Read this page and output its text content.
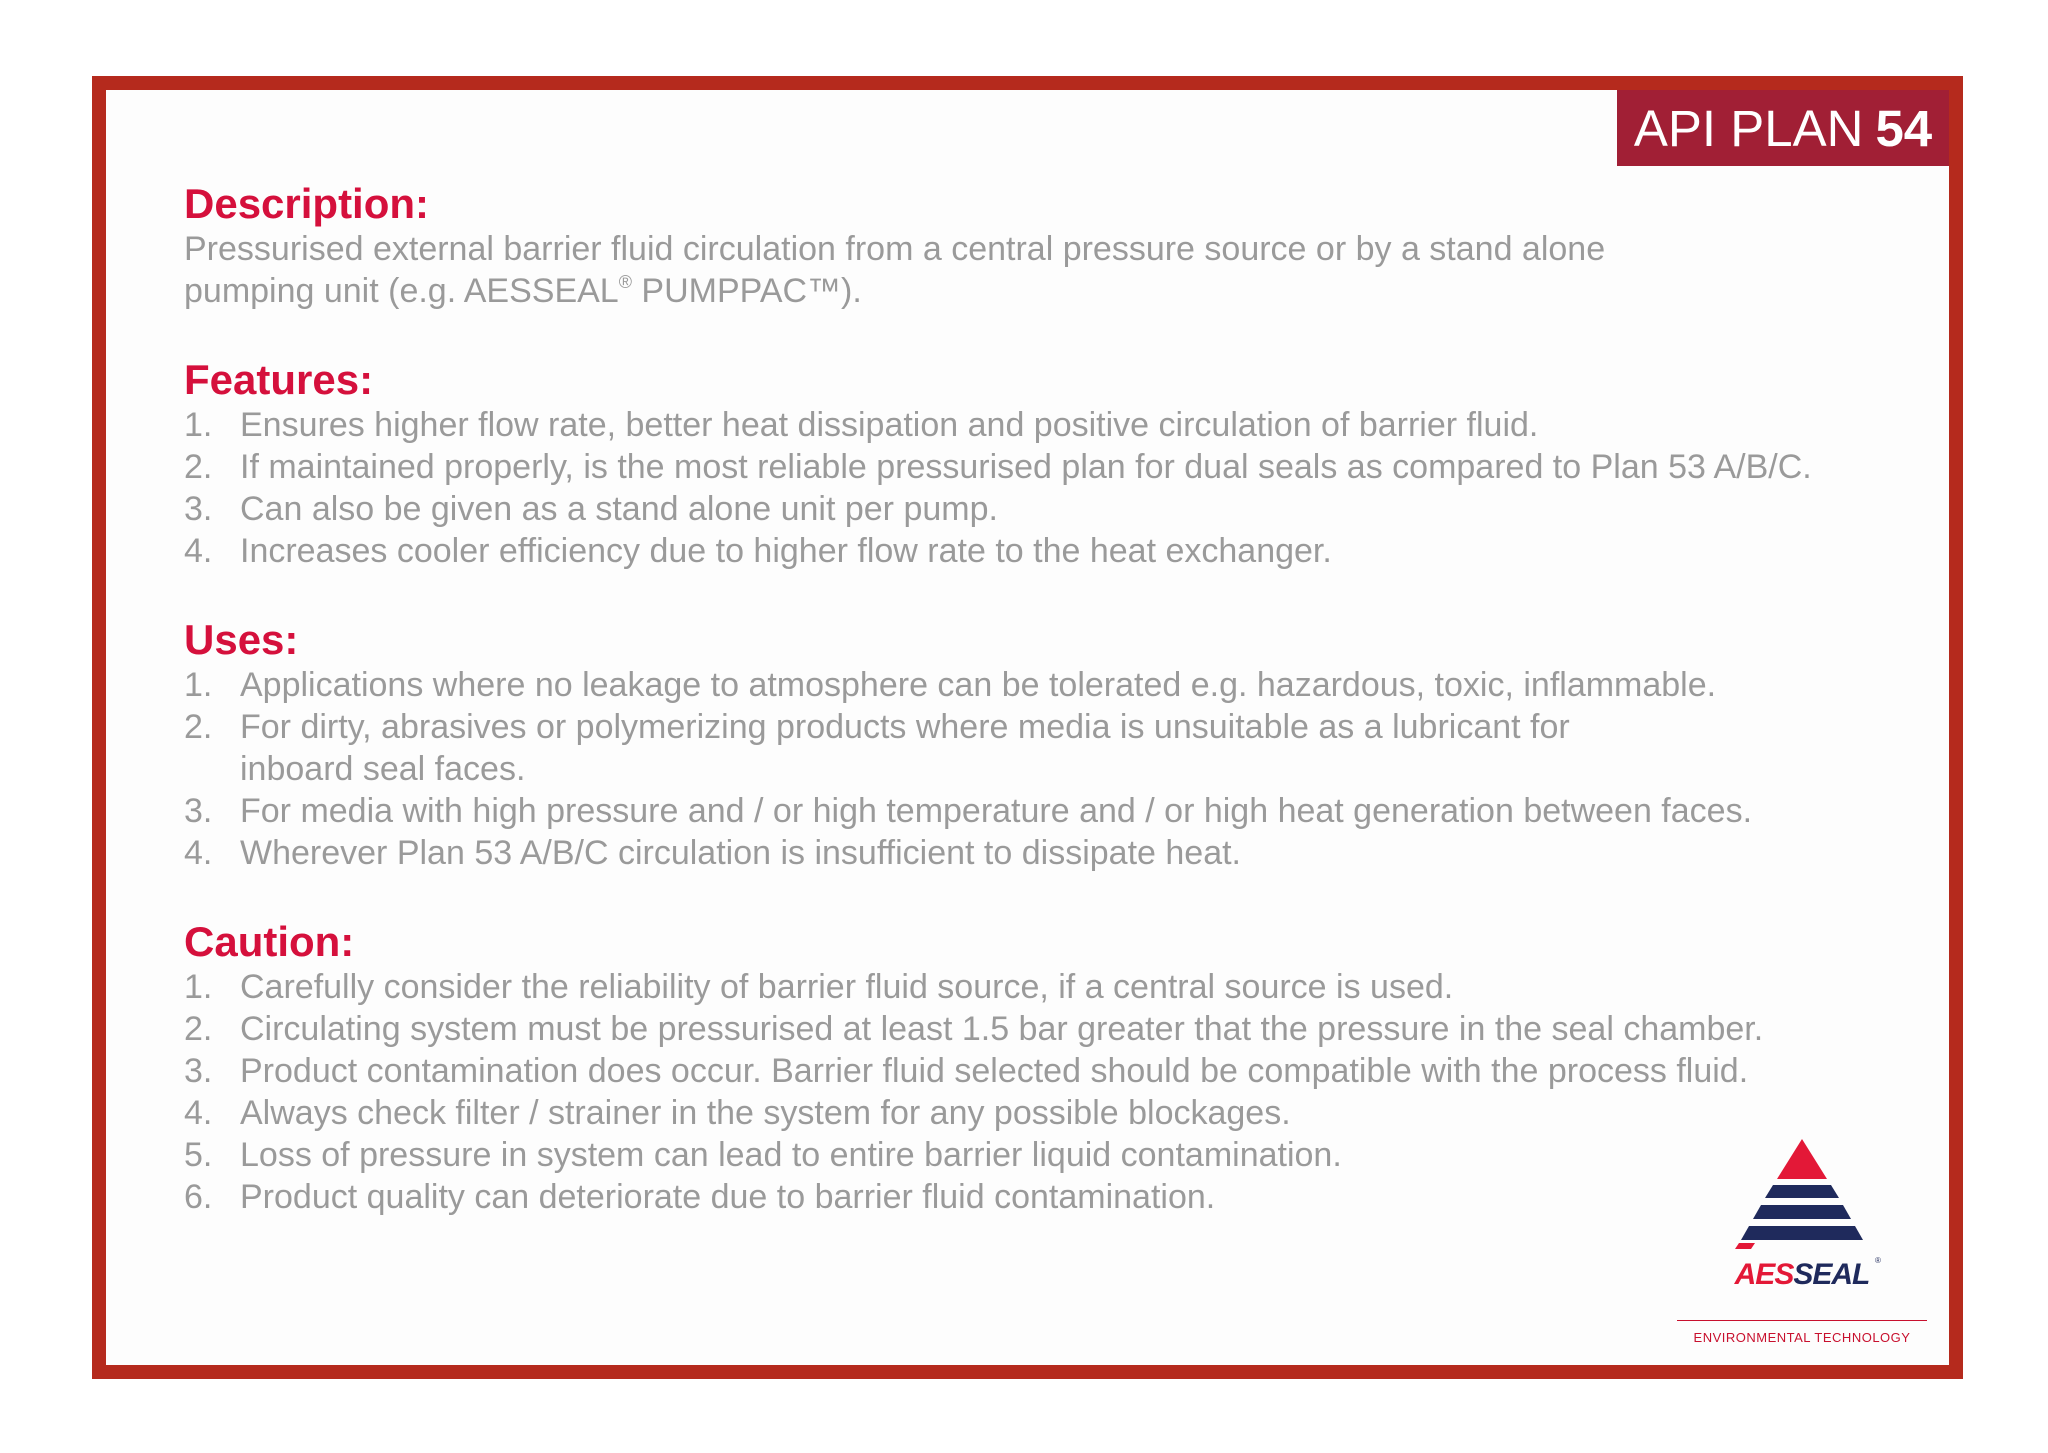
API PLAN 54
Description:

Pressurised external barrier fluid circulation from a central pressure source or by a stand alone
pumping unit (e.g. AESSEAL® PUMPPAC™).

Features:
1. Ensures higher flow rate, better heat dissipation and positive circulation of barrier fluid.
2. If maintained properly, is the most reliable pressurised plan for dual seals as compared to Plan 53 A/B/C.
3. Can also be given as a stand alone unit per pump.
4. Increases cooler efficiency due to higher flow rate to the heat exchanger.
Uses:
1. Applications where no leakage to atmosphere can be tolerated e.g. hazardous, toxic, inflammable.
2. For dirty, abrasives or polymerizing products where media is unsuitable as a lubricant for
inboard seal faces.
3. For media with high pressure and / or high temperature and / or high heat generation between faces.
4. Wherever Plan 53 A/B/C circulation is insufficient to dissipate heat.
Caution:
1. Carefully consider the reliability of barrier fluid source, if a central source is used.
2. Circulating system must be pressurised at least 1.5 bar greater that the pressure in the seal chamber.
3. Product contamination does occur. Barrier fluid selected should be compatible with the process fluid.
4. Always check filter / strainer in the system for any possible blockages.
5. Loss of pressure in system can lead to entire barrier liquid contamination.
6. Product quality can deteriorate due to barrier fluid contamination.
AESSEAL ®
ENVIRONMENTAL TECHNOLOGY
